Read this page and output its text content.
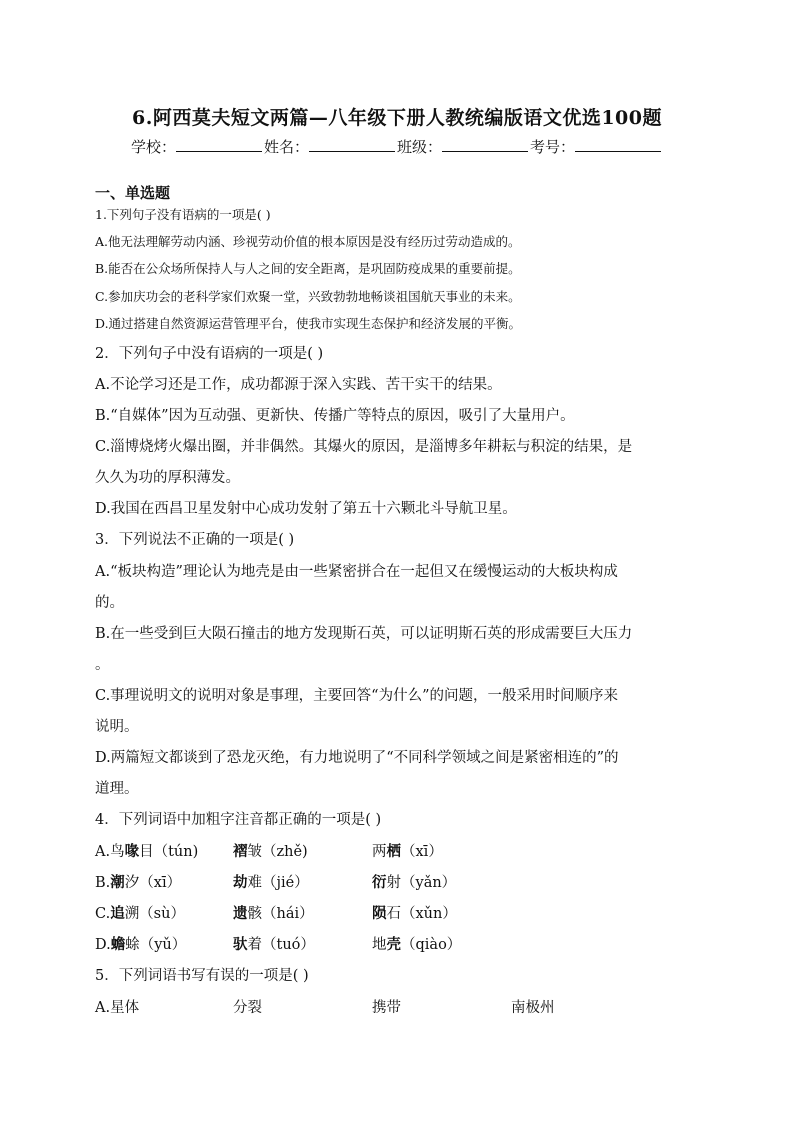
6.阿西莫夫短文两篇—八年级下册人教统编版语文优选100题
学校：	姓名：	班级：	考号：
一、单选题
1.下列句子没有语病的一项是( )
A.他无法理解劳动内涵、珍视劳动价值的根本原因是没有经历过劳动造成的。
B.能否在公众场所保持人与人之间的安全距离，是巩固防疫成果的重要前提。
C.参加庆功会的老科学家们欢聚一堂，兴致勃勃地畅谈祖国航天事业的未来。
D.通过搭建自然资源运营管理平台，使我市实现生态保护和经济发展的平衡。
2．下列句子中没有语病的一项是( )
A.不论学习还是工作，成功都源于深入实践、苦干实干的结果。
B.“自媒体”因为互动强、更新快、传播广等特点的原因，吸引了大量用户。
C.淄博烧烤火爆出圈，并非偶然。其爆火的原因，是淄博多年耕耘与积淀的结果，是
久久为功的厚积薄发。
D.我国在西昌卫星发射中心成功发射了第五十六颗北斗导航卫星。
3．下列说法不正确的一项是( )
A.“板块构造”理论认为地壳是由一些紧密拼合在一起但又在缓慢运动的大板块构成
的。
B.在一些受到巨大陨石撞击的地方发现斯石英，可以证明斯石英的形成需要巨大压力
。
C.事理说明文的说明对象是事理，主要回答“为什么”的问题，一般采用时间顺序来
说明。
D.两篇短文都谈到了恐龙灭绝，有力地说明了“不同科学领域之间是紧密相连的”的
道理。
4．下列词语中加粗字注音都正确的一项是( )
A.鸟喙目（tún) 褶皱（zhě)	两栖（xī）
B.潮汐（xī）	劫难（jié）	衍射（yǎn）
C.追溯（sù）	遗骸（hái）	陨石（xǔn）
D.蟾蜍（yǔ）	驮着（tuó）	地壳（qiào）
5．下列词语书写有误的一项是( )
A.星体	分裂	携带	南极州
